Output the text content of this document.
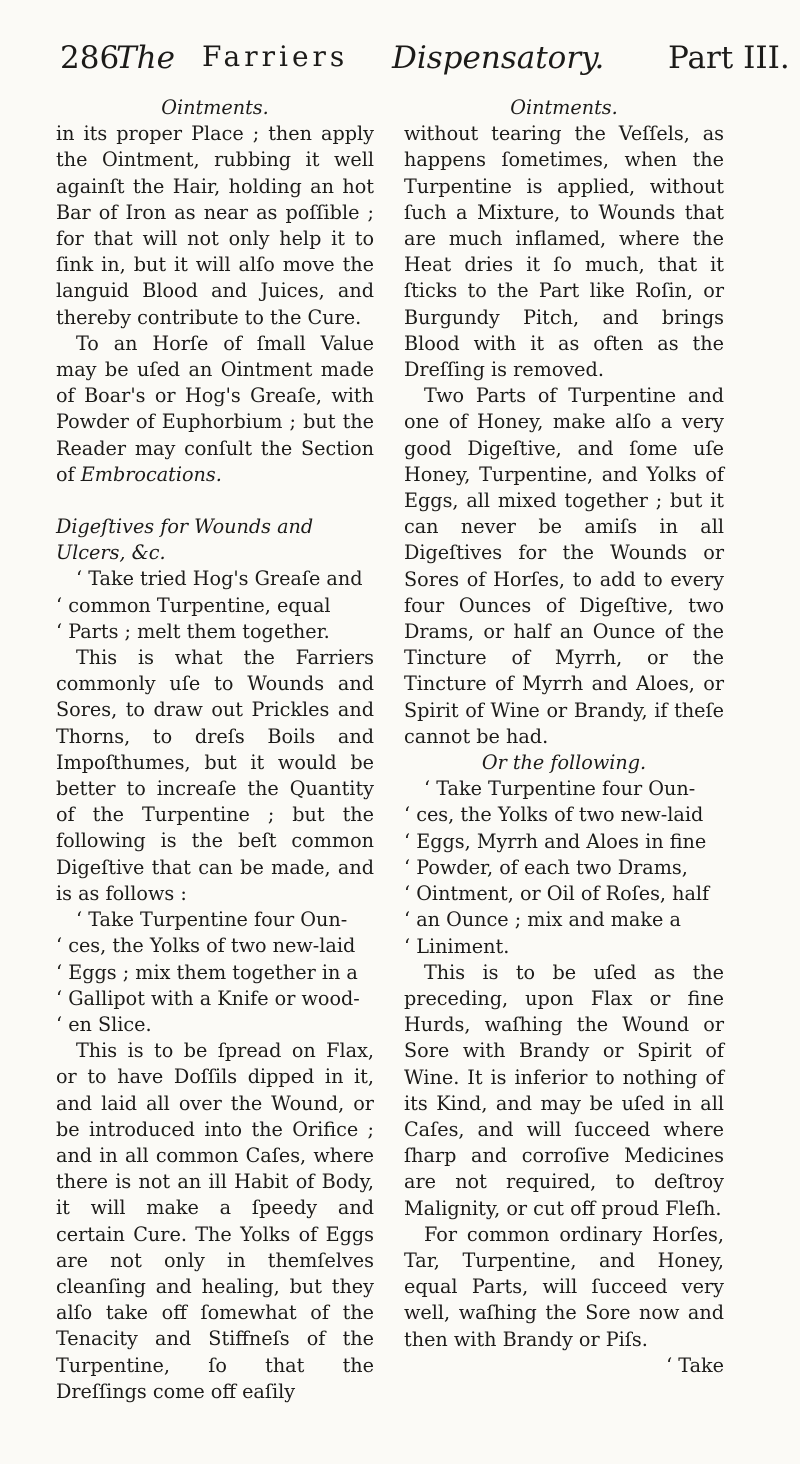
286
The Farriers Dispensatory. Part III.

Ointments.

in its proper Place ; then apply the Ointment, rubbing it well againſt the Hair, holding an hot Bar of Iron as near as poſſible ; for that will not only help it to ſink in, but it will alſo move the languid Blood and Juices, and thereby contribute to the Cure.

To an Horſe of ſmall Value may be uſed an Ointment made of Boar's or Hog's Greaſe, with Powder of Euphorbium ; but the Reader may conſult the Section of Embrocations.

Digeſtives for Wounds and Ulcers, &c.

‘ Take tried Hog's Greaſe and
‘ common Turpentine, equal
‘ Parts ; melt them together.

This is what the Farriers commonly uſe to Wounds and Sores, to draw out Prickles and Thorns, to dreſs Boils and Impoſthumes, but it would be better to increaſe the Quantity of the Turpentine ; but the following is the beſt common Digeſtive that can be made, and is as follows :

‘ Take Turpentine four Oun-
‘ ces, the Yolks of two new-laid
‘ Eggs ; mix them together in a
‘ Gallipot with a Knife or wood-
‘ en Slice.

This is to be ſpread on Flax, or to have Doſſils dipped in it, and laid all over the Wound, or be introduced into the Orifice ; and in all common Caſes, where there is not an ill Habit of Body, it will make a ſpeedy and certain Cure. The Yolks of Eggs are not only in themſelves cleanſing and healing, but they alſo take off ſomewhat of the Tenacity and Stiffneſs of the Turpentine, ſo that the Dreſſings come off eaſily

Ointments.

without tearing the Veſſels, as happens ſometimes, when the Turpentine is applied, without ſuch a Mixture, to Wounds that are much inflamed, where the Heat dries it ſo much, that it ſticks to the Part like Roſin, or Burgundy Pitch, and brings Blood with it as often as the Dreſſing is removed.

Two Parts of Turpentine and one of Honey, make alſo a very good Digeſtive, and ſome uſe Honey, Turpentine, and Yolks of Eggs, all mixed together ; but it can never be amiſs in all Digeſtives for the Wounds or Sores of Horſes, to add to every four Ounces of Digeſtive, two Drams, or half an Ounce of the Tincture of Myrrh, or the Tincture of Myrrh and Aloes, or Spirit of Wine or Brandy, if theſe cannot be had.

Or the following.

‘ Take Turpentine four Oun-
‘ ces, the Yolks of two new-laid
‘ Eggs, Myrrh and Aloes in fine
‘ Powder, of each two Drams,
‘ Ointment, or Oil of Roſes, half
‘ an Ounce ; mix and make a
‘ Liniment.

This is to be uſed as the preceding, upon Flax or fine Hurds, waſhing the Wound or Sore with Brandy or Spirit of Wine. It is inferior to nothing of its Kind, and may be uſed in all Caſes, and will ſucceed where ſharp and corroſive Medicines are not required, to deſtroy Malignity, or cut off proud Fleſh.

For common ordinary Horſes, Tar, Turpentine, and Honey, equal Parts, will ſucceed very well, waſhing the Sore now and then with Brandy or Piſs.

‘ Take
